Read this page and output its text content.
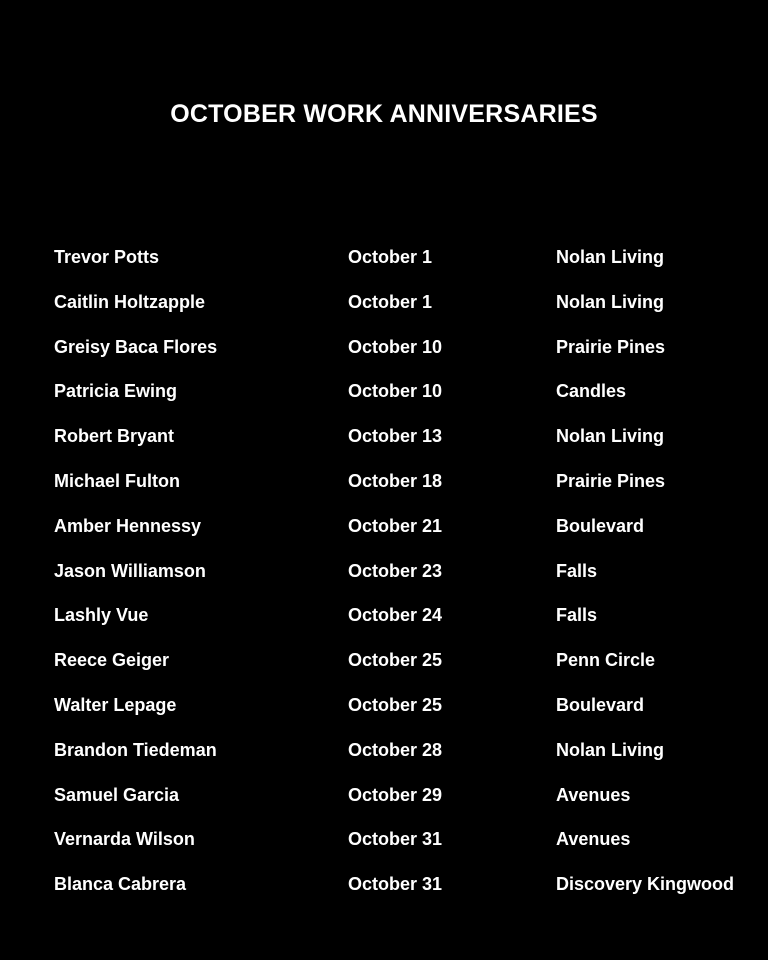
OCTOBER WORK ANNIVERSARIES
Trevor Potts	October 1	Nolan Living
Caitlin Holtzapple	October 1	Nolan Living
Greisy Baca Flores	October 10	Prairie Pines
Patricia Ewing	October 10	Candles
Robert Bryant	October 13	Nolan Living
Michael Fulton	October 18	Prairie Pines
Amber Hennessy	October 21	Boulevard
Jason Williamson	October 23	Falls
Lashly Vue	October 24	Falls
Reece Geiger	October 25	Penn Circle
Walter Lepage	October 25	Boulevard
Brandon Tiedeman	October 28	Nolan Living
Samuel Garcia	October 29	Avenues
Vernarda Wilson	October 31	Avenues
Blanca Cabrera	October 31	Discovery Kingwood
